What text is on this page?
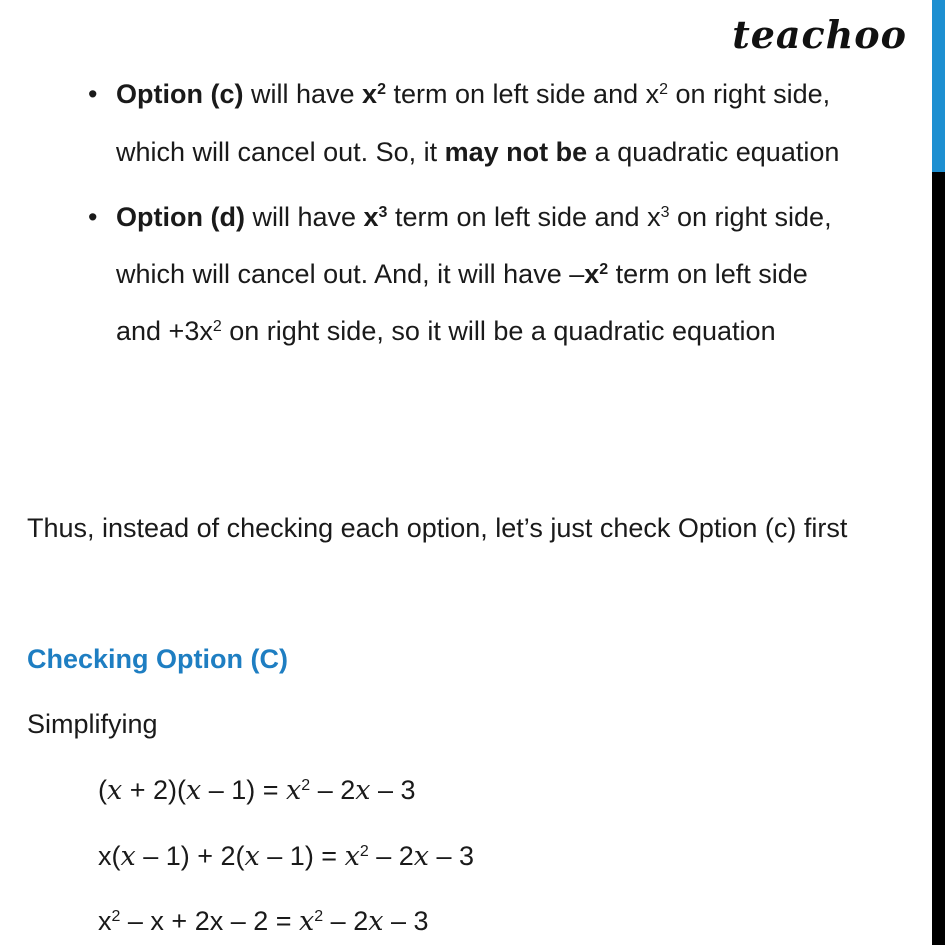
teachoo
• Option (c) will have $x^2$ term on left side and $x^2$ on right side,
which will cancel out. So, it may not be a quadratic equation
• Option (d) will have $x^3$ term on left side and $x^3$ on right side,
which will cancel out. And, it will have $-x^2$ term on left side
and $+3x^2$ on right side, so it will be a quadratic equation
Thus, instead of checking each option, let’s just check Option (c) first
Checking Option (C)
Simplifying
$(x + 2)(x - 1) = x^2 - 2x - 3$
$x(x - 1) + 2(x - 1) = x^2 - 2x - 3$
$x^2 - x + 2x - 2 = x^2 - 2x - 3$
